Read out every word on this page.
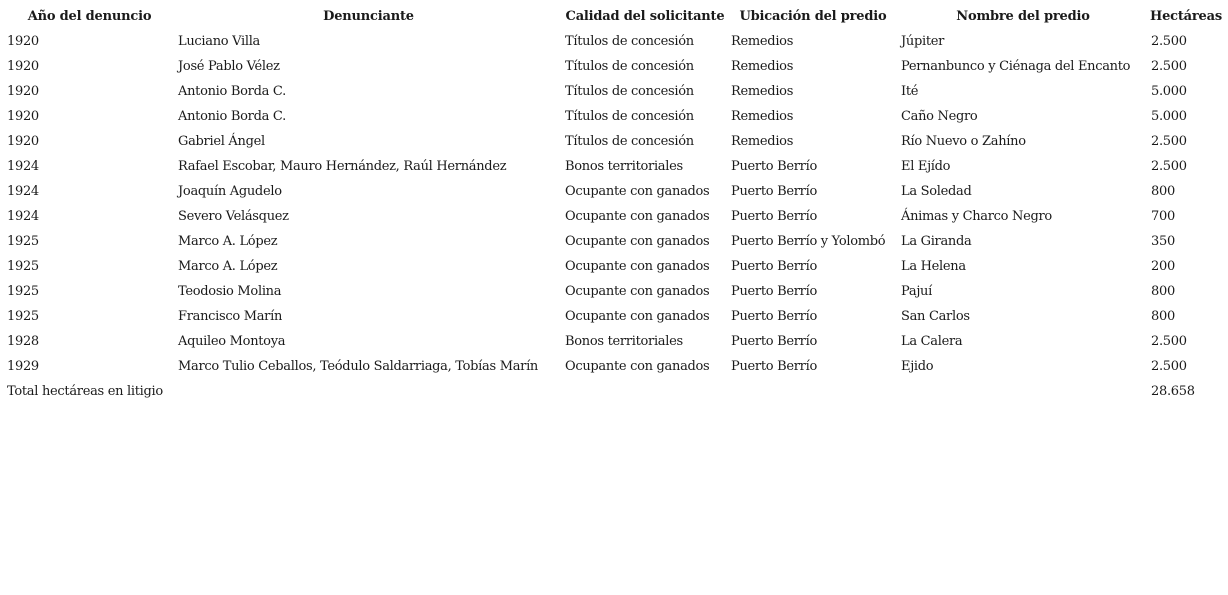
Año del denuncio	Denunciante	Calidad del solicitante	Ubicación del predio	Nombre del predio	Hectáreas
1920	Luciano Villa	Títulos de concesión	Remedios	Júpiter	2.500
1920	José Pablo Vélez	Títulos de concesión	Remedios	Pernanbunco y Ciénaga del Encanto	2.500
1920	Antonio Borda C.	Títulos de concesión	Remedios	Ité	5.000
1920	Antonio Borda C.	Títulos de concesión	Remedios	Caño Negro	5.000
1920	Gabriel Ángel	Títulos de concesión	Remedios	Río Nuevo o Zahíno	2.500
1924	Rafael Escobar, Mauro Hernández, Raúl Hernández	Bonos territoriales	Puerto Berrío	El Ejído	2.500
1924	Joaquín Agudelo	Ocupante con ganados	Puerto Berrío	La Soledad	800
1924	Severo Velásquez	Ocupante con ganados	Puerto Berrío	Ánimas y Charco Negro	700
1925	Marco A. López	Ocupante con ganados	Puerto Berrío y Yolombó	La Giranda	350
1925	Marco A. López	Ocupante con ganados	Puerto Berrío	La Helena	200
1925	Teodosio Molina	Ocupante con ganados	Puerto Berrío	Pajuí	800
1925	Francisco Marín	Ocupante con ganados	Puerto Berrío	San Carlos	800
1928	Aquileo Montoya	Bonos territoriales	Puerto Berrío	La Calera	2.500
1929	Marco Tulio Ceballos, Teódulo Saldarriaga, Tobías Marín	Ocupante con ganados	Puerto Berrío	Ejido	2.500
Total hectáreas en litigio					28.658
